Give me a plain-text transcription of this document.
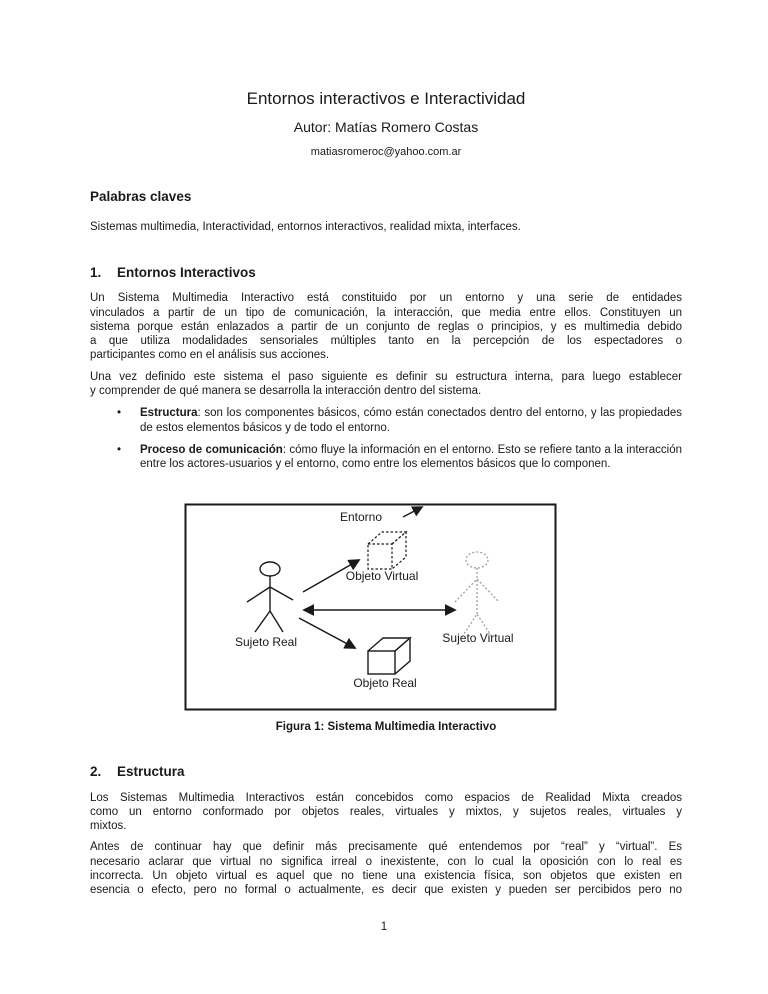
Entornos interactivos e Interactividad
Autor: Matías Romero Costas
matiasromeroc@yahoo.com.ar
Palabras claves

Sistemas multimedia, Interactividad, entornos interactivos, realidad mixta, interfaces.

1. Entornos Interactivos
Un Sistema Multimedia Interactivo está constituido por un entorno y una serie de entidades
vinculados a partir de un tipo de comunicación, la interacción, que media entre ellos. Constituyen un
sistema porque están enlazados a partir de un conjunto de reglas o principios, y es multimedia debido
a que utiliza modalidades sensoriales múltiples tanto en la percepción de los espectadores o
participantes como en el análisis sus acciones.
Una vez definido este sistema el paso siguiente es definir su estructura interna, para luego establecer
y comprender de qué manera se desarrolla la interacción dentro del sistema.
• Estructura: son los componentes básicos, cómo están conectados dentro del entorno, y las propiedades de estos elementos básicos y de todo el entorno.
• Proceso de comunicación: cómo fluye la información en el entorno. Esto se refiere tanto a la interacción entre los actores-usuarios y el entorno, como entre los elementos básicos que lo componen.
Entorno
Sujeto Real	Sujeto Virtual
Objeto Virtual
Objeto Real
Figura 1: Sistema Multimedia Interactivo
2. Estructura
Los Sistemas Multimedia Interactivos están concebidos como espacios de Realidad Mixta creados
como un entorno conformado por objetos reales, virtuales y mixtos, y sujetos reales, virtuales y
mixtos.
Antes de continuar hay que definir más precisamente qué entendemos por “real” y “virtual”. Es
necesario aclarar que virtual no significa irreal o inexistente, con lo cual la oposición con lo real es
incorrecta. Un objeto virtual es aquel que no tiene una existencia física, son objetos que existen en
esencia o efecto, pero no formal o actualmente, es decir que existen y pueden ser percibidos pero no
1
